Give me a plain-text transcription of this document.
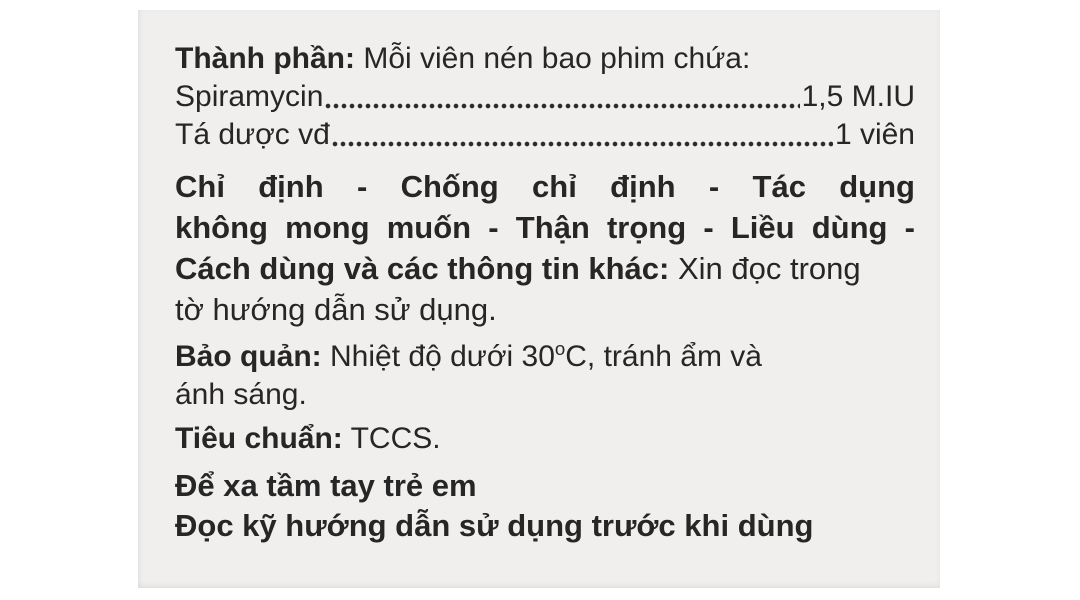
Thành phần: Mỗi viên nén bao phim chứa:
Spiramycin	1,5 M.IU
Tá dược vđ	1 viên
Chỉ định - Chống chỉ định - Tác dụng
không mong muốn - Thận trọng - Liều dùng -
Cách dùng và các thông tin khác: Xin đọc trong
tờ hướng dẫn sử dụng.
Bảo quản: Nhiệt độ dưới 30$^o$C, tránh ẩm và
ánh sáng.
Tiêu chuẩn: TCCS.
Để xa tầm tay trẻ em
Đọc kỹ hướng dẫn sử dụng trước khi dùng
